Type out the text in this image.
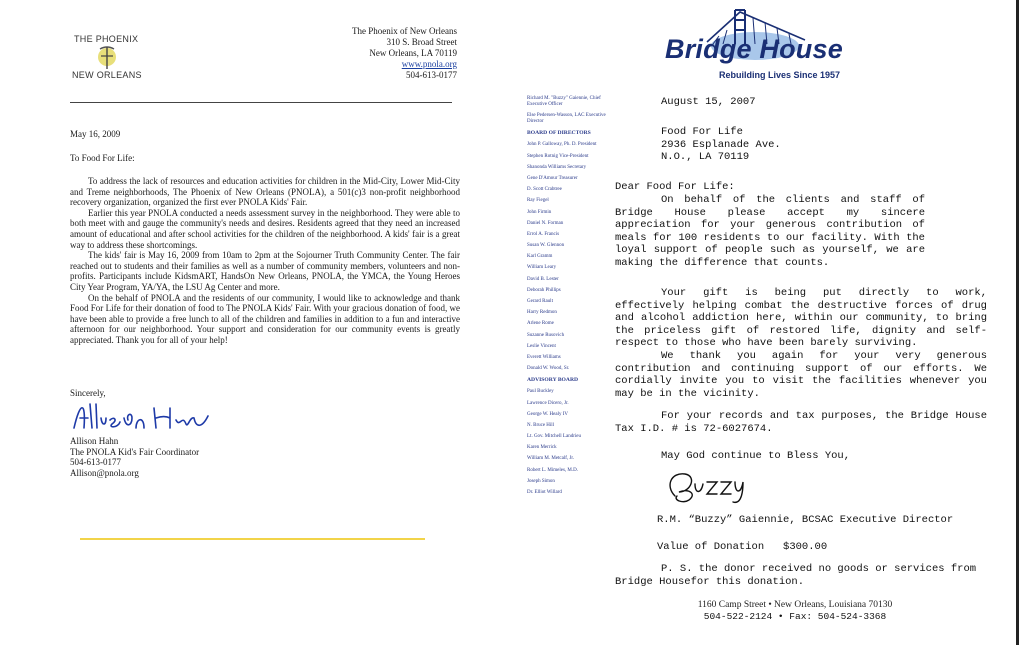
THE PHOENIX
NEW ORLEANS
The Phoenix of New Orleans
310 S. Broad Street
New Orleans, LA 70119
www.pnola.org
504-613-0177
May 16, 2009
To Food For Life:

To address the lack of resources and education activities for children in the Mid-City, Lower Mid-City and Treme neighborhoods, The Phoenix of New Orleans (PNOLA), a 501(c)3 non-profit neighborhood recovery organization, organized the first ever PNOLA Kids' Fair.

Earlier this year PNOLA conducted a needs assessment survey in the neighborhood. They were able to both meet with and gauge the community's needs and desires. Residents agreed that they need an increased amount of educational and after school activities for the children of the neighborhood. A kids' fair is a great way to address these shortcomings.

The kids' fair is May 16, 2009 from 10am to 2pm at the Sojourner Truth Community Center. The fair reached out to students and their families as well as a number of community members, volunteers and non-profits. Participants include KidsmART, HandsOn New Orleans, PNOLA, the YMCA, the Young Heroes City Year Program, YA/YA, the LSU Ag Center and more.

On the behalf of PNOLA and the residents of our community, I would like to acknowledge and thank Food For Life for their donation of food to The PNOLA Kids' Fair. With your gracious donation of food, we have been able to provide a free lunch to all of the children and families in addition to a fun and interactive afternoon for our neighborhood. Your support and consideration for our community events is greatly appreciated. Thank you for all of your help!

Sincerely,
Allison Hahn
The PNOLA Kid's Fair Coordinator
504-613-0177
Allison@pnola.org
Bridge House
Rebuilding Lives Since 1957
Richard M. "Buzzy" Gaiennie, Chief Executive Officer
Else Pedersen-Wasson, LAC Executive Director
BOARD OF DIRECTORS
John P. Galloway, Ph. D. President
Stephen Rotnig Vice-President
Shanonda Williams Secretary
Gene D'Amour Treasurer
D. Scott Crabtree
Ray Fiegel
John Firmin
Daniel N. Forman
Errol A. Francis
Susan W. Glennon
Karl Gramm
William Leary
David B. Lester
Deborah Phillips
Gerard Rault
Harry Redmon
Arlene Rome
Suzanne Rusovich
Leslie Vincent
Everett Williams
Donald W. Wood, Sr.
ADVISORY BOARD
Paul Buckley
Lawrence Dicero, Jr.
George W. Healy IV
N. Bruce Hill
Lt. Gov. Mitchell Landrieu
Karen Merrick
William M. Metcalf, Jr.
Robert L. Mimeles, M.D.
Joseph Simon
Dr. Elliot Willard
August 15, 2007
Food For Life
2936 Esplanade Ave.
N.O., LA 70119
Dear Food For Life:

On behalf of the clients and staff of Bridge House please accept my sincere appreciation for your generous contribution of meals for 100 residents to our facility. With the loyal support of people such as yourself, we are making the difference that counts.

Your gift is being put directly to work, effectively helping combat the destructive forces of drug and alcohol addiction here, within our community, to bring the priceless gift of restored life, dignity and self-respect to those who have been barely surviving.

We thank you again for your very generous contribution and continuing support of our efforts. We cordially invite you to visit the facilities whenever you may be in the vicinity.

For your records and tax purposes, the Bridge House Tax I.D. # is 72-6027674.

May God continue to Bless You,
R.M. “Buzzy” Gaiennie, BCSAC Executive Director
Value of Donation $300.00

P. S. the donor received no goods or services from Bridge Housefor this donation.

1160 Camp Street • New Orleans, Louisiana 70130
504-522-2124 • Fax: 504-524-3368
